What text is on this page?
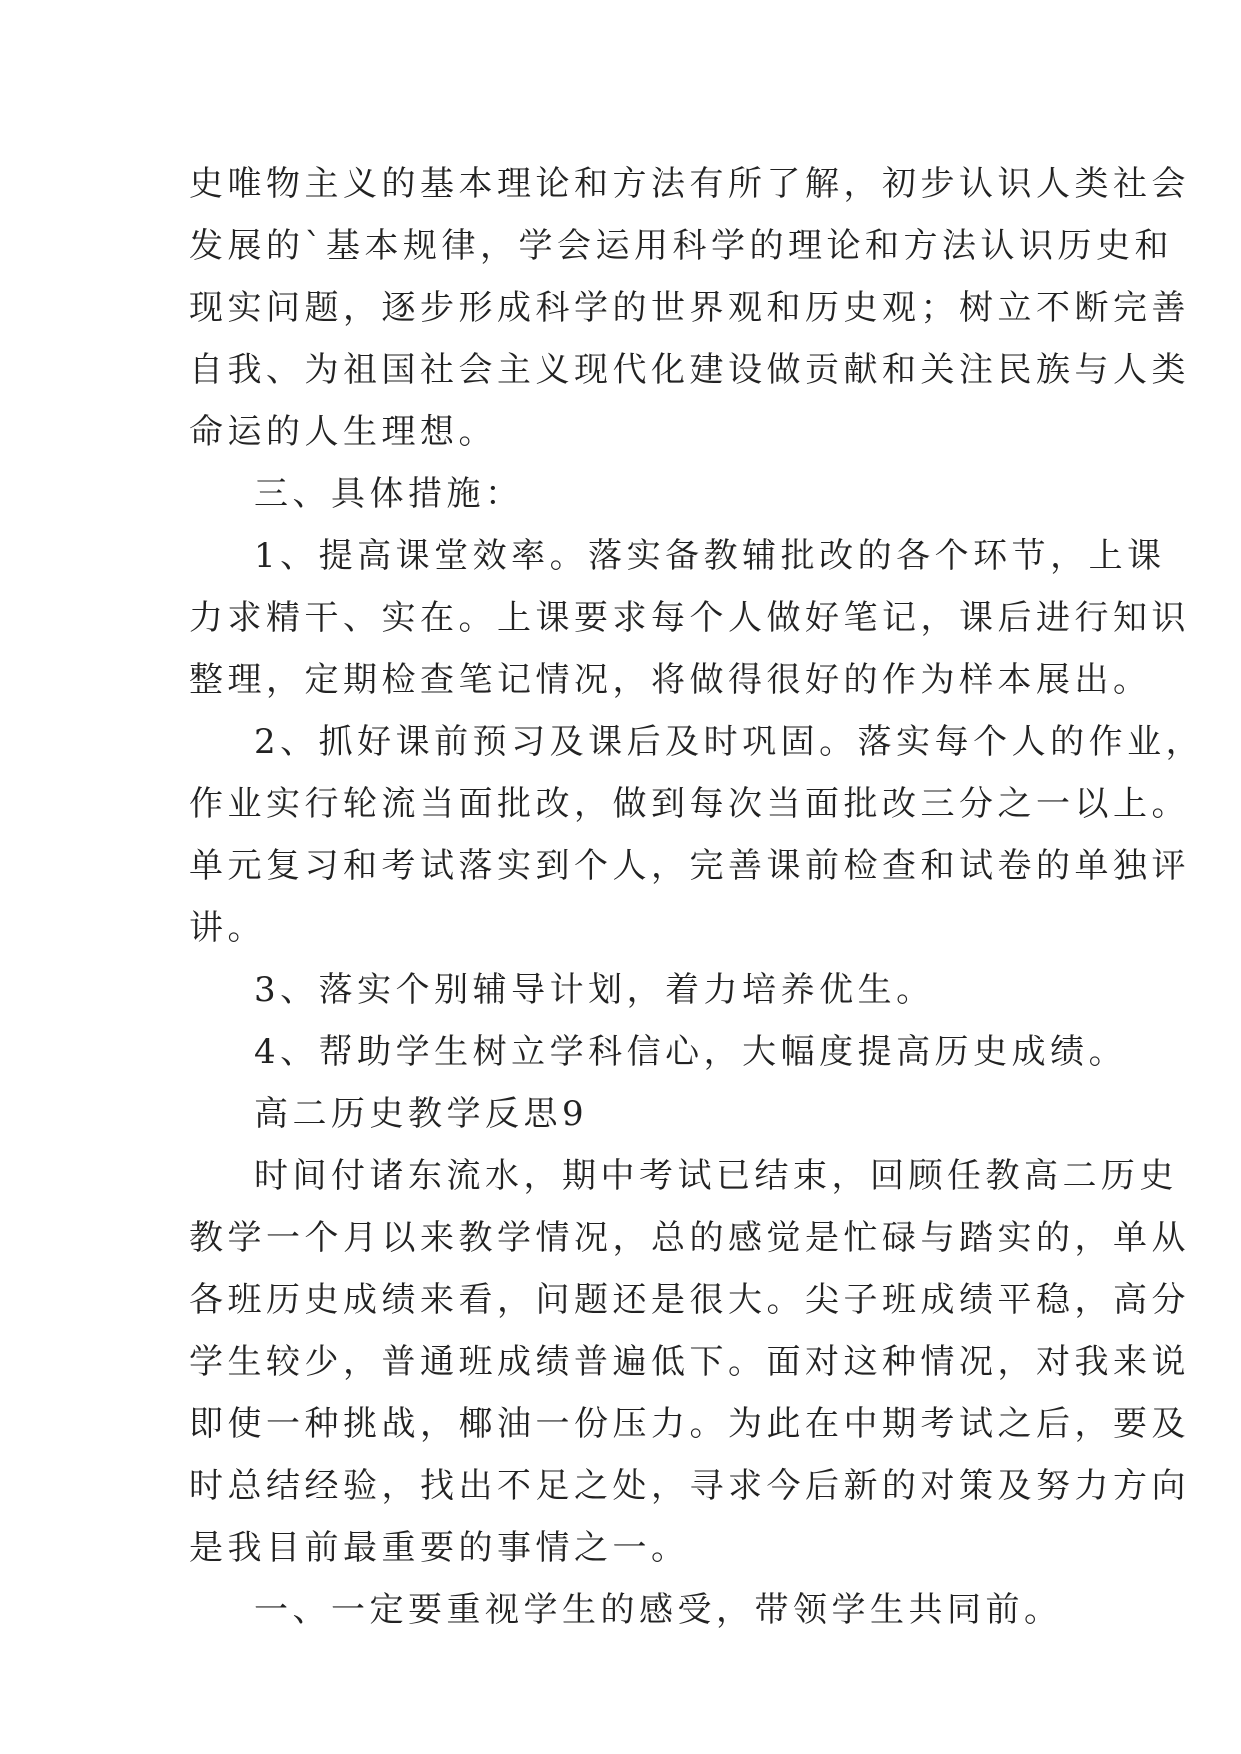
史唯物主义的基本理论和方法有所了解，初步认识人类社会

发展的`基本规律，学会运用科学的理论和方法认识历史和

现实问题，逐步形成科学的世界观和历史观；树立不断完善

自我、为祖国社会主义现代化建设做贡献和关注民族与人类

命运的人生理想。

三、具体措施：

1、提高课堂效率。落实备教辅批改的各个环节，上课

力求精干、实在。上课要求每个人做好笔记，课后进行知识

整理，定期检查笔记情况，将做得很好的作为样本展出。

2、抓好课前预习及课后及时巩固。落实每个人的作业，

作业实行轮流当面批改，做到每次当面批改三分之一以上。

单元复习和考试落实到个人，完善课前检查和试卷的单独评

讲。

3、落实个别辅导计划，着力培养优生。

4、帮助学生树立学科信心，大幅度提高历史成绩。

高二历史教学反思9

时间付诸东流水，期中考试已结束，回顾任教高二历史

教学一个月以来教学情况，总的感觉是忙碌与踏实的，单从

各班历史成绩来看，问题还是很大。尖子班成绩平稳，高分

学生较少，普通班成绩普遍低下。面对这种情况，对我来说

即使一种挑战，椰油一份压力。为此在中期考试之后，要及

时总结经验，找出不足之处，寻求今后新的对策及努力方向

是我目前最重要的事情之一。

一、一定要重视学生的感受，带领学生共同前。
